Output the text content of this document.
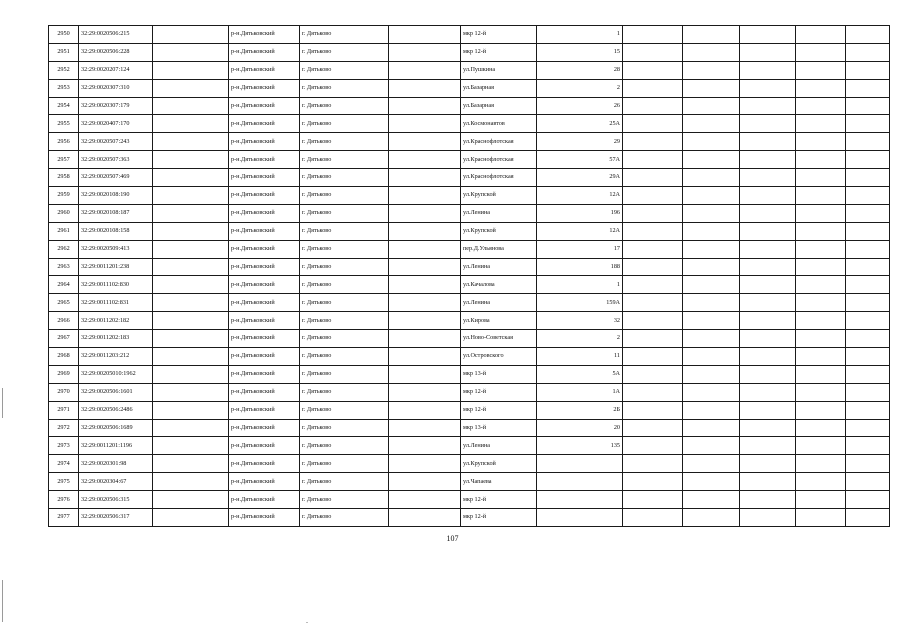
2950	32:29:0020506:215		р-н.Дятьковский	г. Дятьково		мкр 12-й	1					
2951	32:29:0020506:228		р-н.Дятьковский	г. Дятьково		мкр 12-й	15					
2952	32:29:0020207:124		р-н.Дятьковский	г. Дятьково		ул.Пушкина	28					
2953	32:29:0020307:310		р-н.Дятьковский	г. Дятьково		ул.Базарная	2					
2954	32:29:0020307:179		р-н.Дятьковский	г. Дятьково		ул.Базарная	26					
2955	32:29:0020407:170		р-н.Дятьковский	г. Дятьково		ул.Космонавтов	25А					
2956	32:29:0020507:243		р-н.Дятьковский	г. Дятьково		ул.Краснофлотская	29					
2957	32:29:0020507:363		р-н.Дятьковский	г. Дятьково		ул.Краснофлотская	57А					
2958	32:29:0020507:469		р-н.Дятьковский	г. Дятьково		ул.Краснофлотская	29А					
2959	32:29:0020108:190		р-н.Дятьковский	г. Дятьково		ул.Крупской	12А					
2960	32:29:0020108:187		р-н.Дятьковский	г. Дятьково		ул.Ленина	196					
2961	32:29:0020108:158		р-н.Дятьковский	г. Дятьково		ул.Крупской	12А					
2962	32:29:0020509:413		р-н.Дятьковский	г. Дятьково		пер.Д.Ульянова	17					
2963	32:29:0011201:238		р-н.Дятьковский	г. Дятьково		ул.Ленина	188					
2964	32:29:0011102:830		р-н.Дятьковский	г. Дятьково		ул.Качалова	1					
2965	32:29:0011102:831		р-н.Дятьковский	г. Дятьково		ул.Ленина	159А					
2966	32:29:0011202:182		р-н.Дятьковский	г. Дятьково		ул.Кирова	32					
2967	32:29:0011202:183		р-н.Дятьковский	г. Дятьково		ул.Ново-Советская	2					
2968	32:29:0011203:212		р-н.Дятьковский	г. Дятьково		ул.Островского	11					
2969	32:29:00205010:1962		р-н.Дятьковский	г. Дятьково		мкр 13-й	5А					
2970	32:29:0020506:1601		р-н.Дятьковский	г. Дятьково		мкр 12-й	1А					
2971	32:29:0020506:2486		р-н.Дятьковский	г. Дятьково		мкр 12-й	2Б					
2972	32:29:0020506:1689		р-н.Дятьковский	г. Дятьково		мкр 13-й	20					
2973	32:29:0011201:1196		р-н.Дятьковский	г. Дятьково		ул.Ленина	135					
2974	32:29:0020301:98		р-н.Дятьковский	г. Дятьково		ул.Крупской						
2975	32:29:0020304:67		р-н.Дятьковский	г. Дятьково		ул.Чапаева						
2976	32:29:0020506:315		р-н.Дятьковский	г. Дятьково		мкр 12-й						
2977	32:29:0020506:317		р-н.Дятьковский	г. Дятьково		мкр 12-й						
107
